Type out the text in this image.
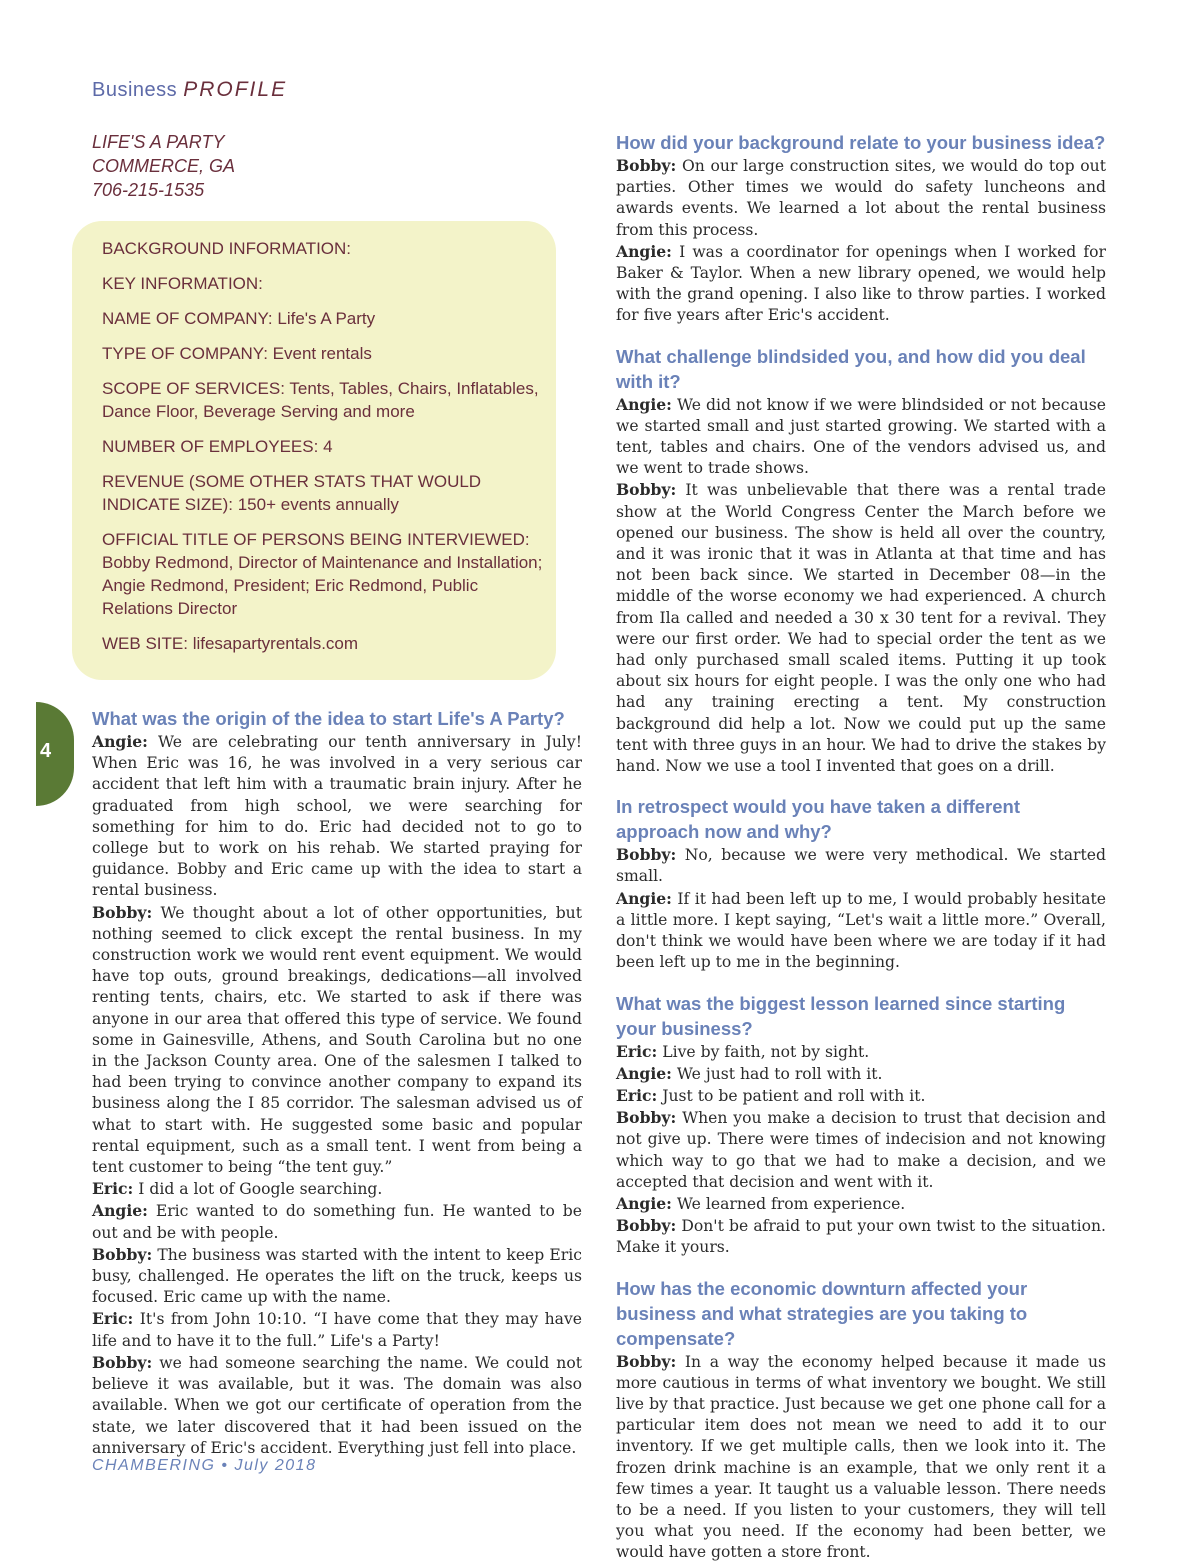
Business PROFILE
LIFE'S A PARTY
COMMERCE, GA
706-215-1535
BACKGROUND INFORMATION:
KEY INFORMATION:
NAME OF COMPANY: Life's A Party
TYPE OF COMPANY: Event rentals
SCOPE OF SERVICES: Tents, Tables, Chairs, Inflatables, Dance Floor, Beverage Serving and more
NUMBER OF EMPLOYEES: 4
REVENUE (SOME OTHER STATS THAT WOULD INDICATE SIZE): 150+ events annually
OFFICIAL TITLE OF PERSONS BEING INTERVIEWED: Bobby Redmond, Director of Maintenance and Installation; Angie Redmond, President; Eric Redmond, Public Relations Director
WEB SITE: lifesapartyrentals.com
4
What was the origin of the idea to start Life's A Party?

Angie: We are celebrating our tenth anniversary in July! When Eric was 16, he was involved in a very serious car accident that left him with a traumatic brain injury. After he graduated from high school, we were searching for something for him to do. Eric had decided not to go to college but to work on his rehab. We started praying for guidance. Bobby and Eric came up with the idea to start a rental business.

Bobby: We thought about a lot of other opportunities, but nothing seemed to click except the rental business. In my construction work we would rent event equipment. We would have top outs, ground breakings, dedications—all involved renting tents, chairs, etc. We started to ask if there was anyone in our area that offered this type of service. We found some in Gainesville, Athens, and South Carolina but no one in the Jackson County area. One of the salesmen I talked to had been trying to convince another company to expand its business along the I 85 corridor. The salesman advised us of what to start with. He suggested some basic and popular rental equipment, such as a small tent. I went from being a tent customer to being “the tent guy.”

Eric: I did a lot of Google searching.

Angie: Eric wanted to do something fun. He wanted to be out and be with people.

Bobby: The business was started with the intent to keep Eric busy, challenged. He operates the lift on the truck, keeps us focused. Eric came up with the name.

Eric: It's from John 10:10. “I have come that they may have life and to have it to the full.” Life's a Party!

Bobby: we had someone searching the name. We could not believe it was available, but it was. The domain was also available. When we got our certificate of operation from the state, we later discovered that it had been issued on the anniversary of Eric's accident. Everything just fell into place.

How did your background relate to your business idea?

Bobby: On our large construction sites, we would do top out parties. Other times we would do safety luncheons and awards events. We learned a lot about the rental business from this process.

Angie: I was a coordinator for openings when I worked for Baker & Taylor. When a new library opened, we would help with the grand opening. I also like to throw parties. I worked for five years after Eric's accident.

What challenge blindsided you, and how did you deal with it?

Angie: We did not know if we were blindsided or not because we started small and just started growing. We started with a tent, tables and chairs. One of the vendors advised us, and we went to trade shows.

Bobby: It was unbelievable that there was a rental trade show at the World Congress Center the March before we opened our business. The show is held all over the country, and it was ironic that it was in Atlanta at that time and has not been back since. We started in December 08—in the middle of the worse economy we had experienced. A church from Ila called and needed a 30 x 30 tent for a revival. They were our first order. We had to special order the tent as we had only purchased small scaled items. Putting it up took about six hours for eight people. I was the only one who had had any training erecting a tent. My construction background did help a lot. Now we could put up the same tent with three guys in an hour. We had to drive the stakes by hand. Now we use a tool I invented that goes on a drill.

In retrospect would you have taken a different approach now and why?

Bobby: No, because we were very methodical. We started small.

Angie: If it had been left up to me, I would probably hesitate a little more. I kept saying, “Let's wait a little more.” Overall, don't think we would have been where we are today if it had been left up to me in the beginning.

What was the biggest lesson learned since starting your business?

Eric: Live by faith, not by sight.

Angie: We just had to roll with it.

Eric: Just to be patient and roll with it.

Bobby: When you make a decision to trust that decision and not give up. There were times of indecision and not knowing which way to go that we had to make a decision, and we accepted that decision and went with it.

Angie: We learned from experience.

Bobby: Don't be afraid to put your own twist to the situation. Make it yours.

How has the economic downturn affected your business and what strategies are you taking to compensate?

Bobby: In a way the economy helped because it made us more cautious in terms of what inventory we bought. We still live by that practice. Just because we get one phone call for a particular item does not mean we need to add it to our inventory. If we get multiple calls, then we look into it. The frozen drink machine is an example, that we only rent it a few times a year. It taught us a valuable lesson. There needs to be a need. If you listen to your customers, they will tell you what you need. If the economy had been better, we would have gotten a store front.

CHAMBERING • July 2018
